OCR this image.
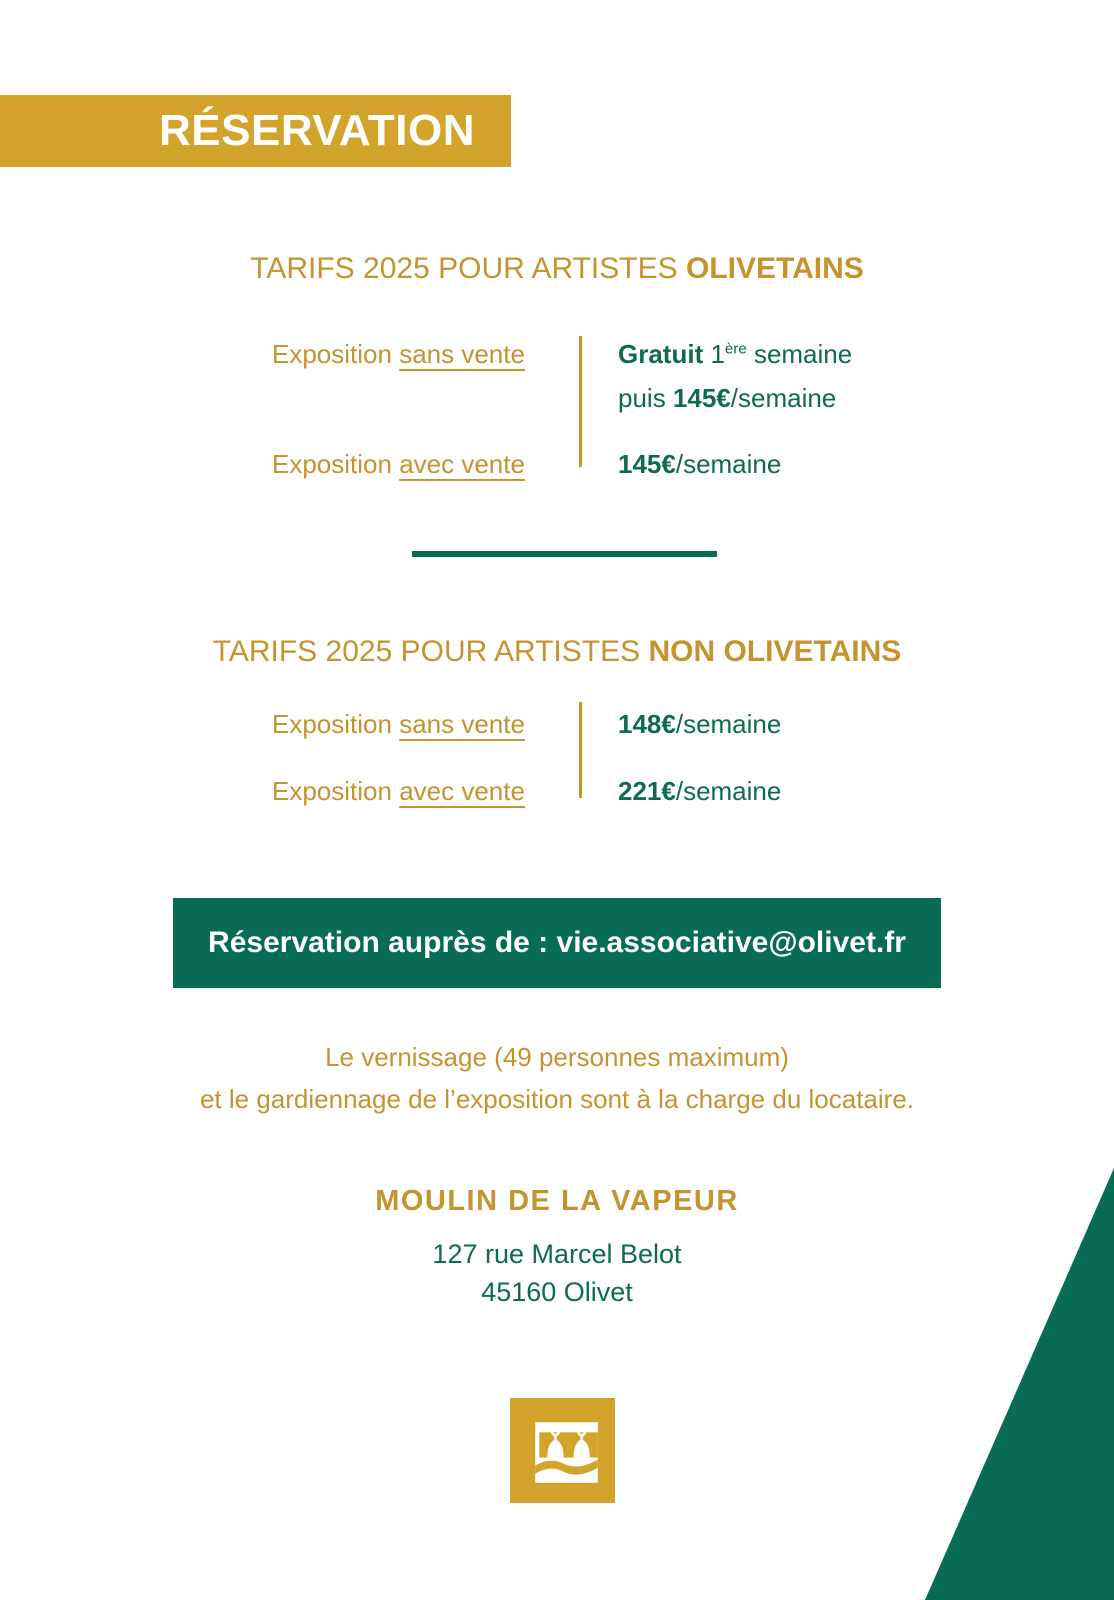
RÉSERVATION
TARIFS 2025 POUR ARTISTES OLIVETAINS
Exposition sans vente	Gratuit 1ère semaine
puis 145€/semaine
Exposition avec vente	145€/semaine
TARIFS 2025 POUR ARTISTES NON OLIVETAINS
Exposition sans vente	148€/semaine
Exposition avec vente	221€/semaine
Réservation auprès de : vie.associative@olivet.fr
Le vernissage (49 personnes maximum)
et le gardiennage de l’exposition sont à la charge du locataire.
MOULIN DE LA VAPEUR
127 rue Marcel Belot
45160 Olivet
